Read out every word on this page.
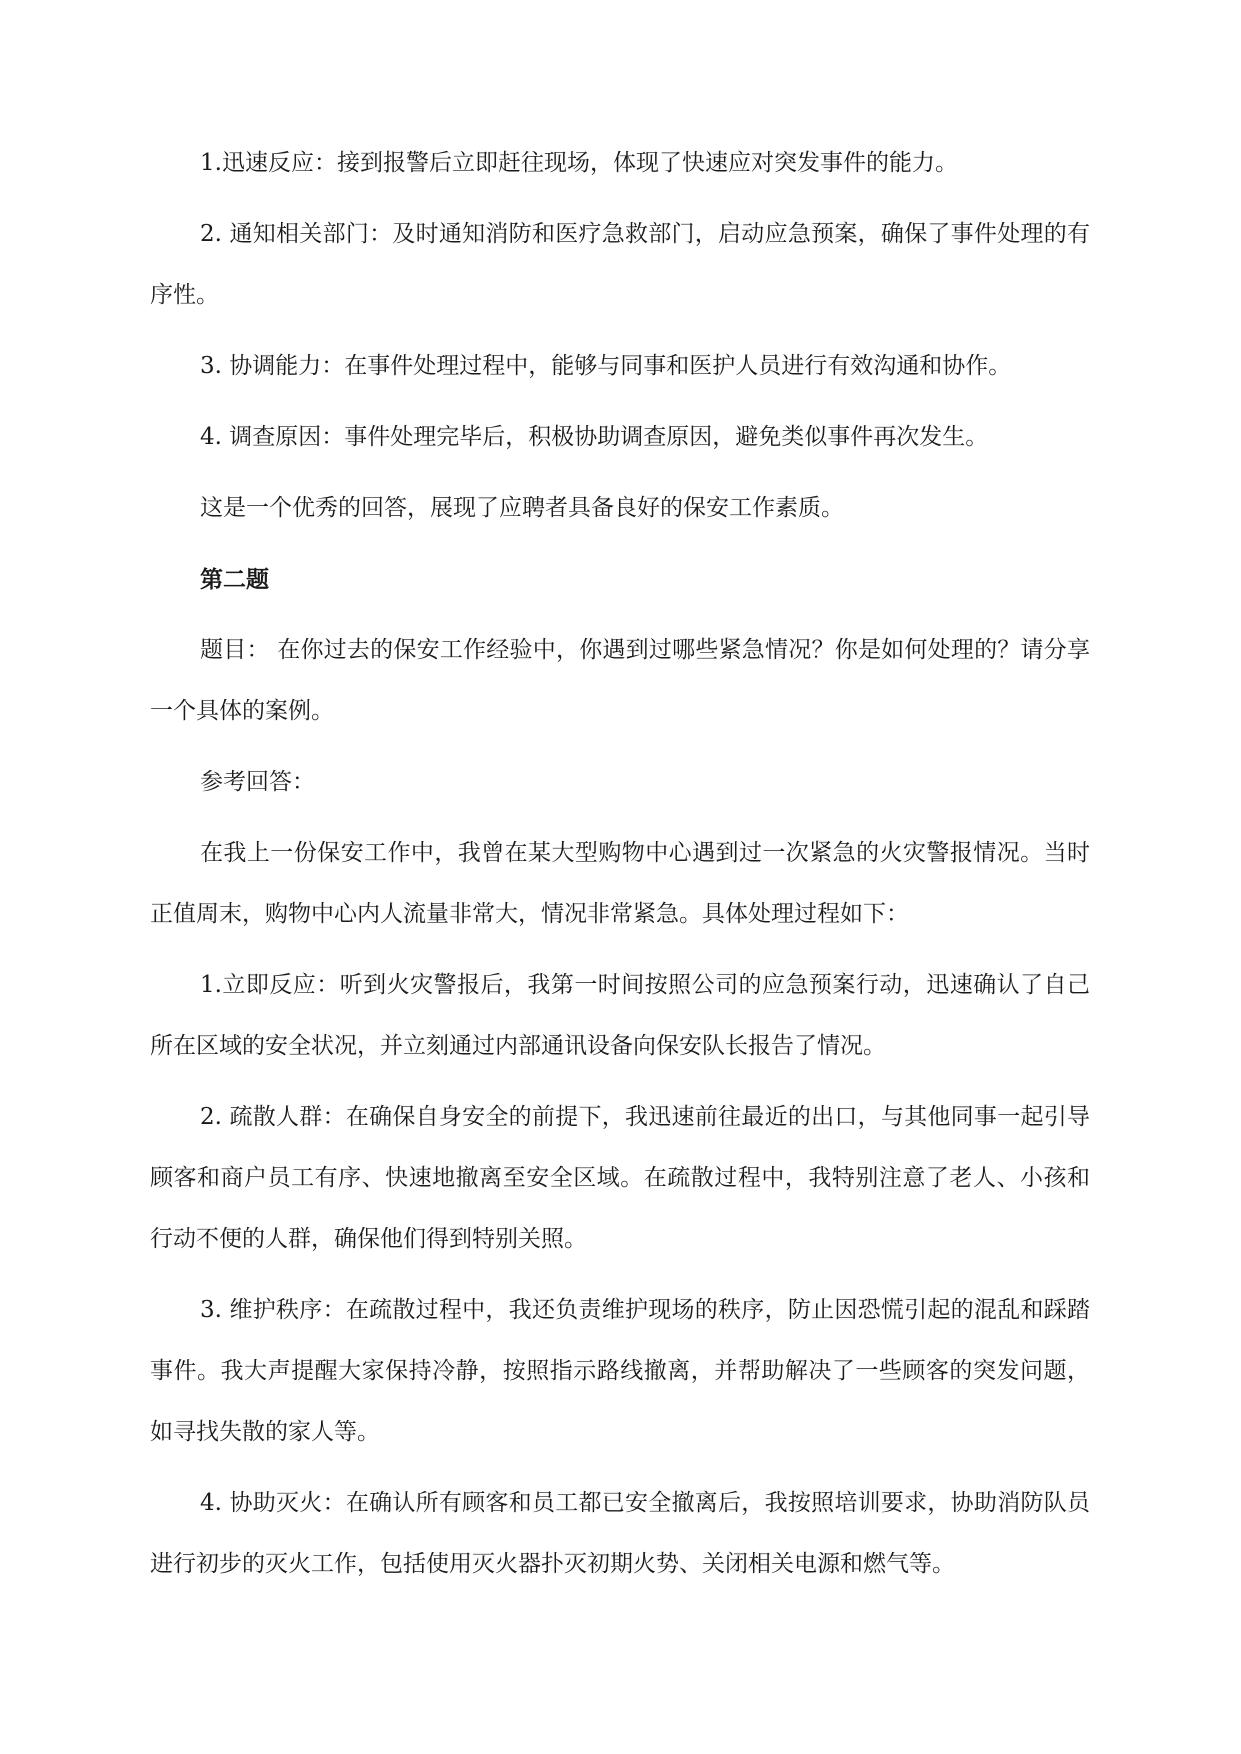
1.迅速反应：接到报警后立即赶往现场，体现了快速应对突发事件的能力。

2. 通知相关部门：及时通知消防和医疗急救部门，启动应急预案，确保了事件处理的有序性。

3. 协调能力：在事件处理过程中，能够与同事和医护人员进行有效沟通和协作。

4. 调查原因：事件处理完毕后，积极协助调查原因，避免类似事件再次发生。

这是一个优秀的回答，展现了应聘者具备良好的保安工作素质。

第二题

题目： 在你过去的保安工作经验中，你遇到过哪些紧急情况？你是如何处理的？请分享一个具体的案例。

参考回答：

在我上一份保安工作中，我曾在某大型购物中心遇到过一次紧急的火灾警报情况。当时正值周末，购物中心内人流量非常大，情况非常紧急。具体处理过程如下：

1.立即反应：听到火灾警报后，我第一时间按照公司的应急预案行动，迅速确认了自己所在区域的安全状况，并立刻通过内部通讯设备向保安队长报告了情况。

2. 疏散人群：在确保自身安全的前提下，我迅速前往最近的出口，与其他同事一起引导顾客和商户员工有序、快速地撤离至安全区域。在疏散过程中，我特别注意了老人、小孩和行动不便的人群，确保他们得到特别关照。

3. 维护秩序：在疏散过程中，我还负责维护现场的秩序，防止因恐慌引起的混乱和踩踏事件。我大声提醒大家保持冷静，按照指示路线撤离，并帮助解决了一些顾客的突发问题，如寻找失散的家人等。

4. 协助灭火：在确认所有顾客和员工都已安全撤离后，我按照培训要求，协助消防队员进行初步的灭火工作，包括使用灭火器扑灭初期火势、关闭相关电源和燃气等。
